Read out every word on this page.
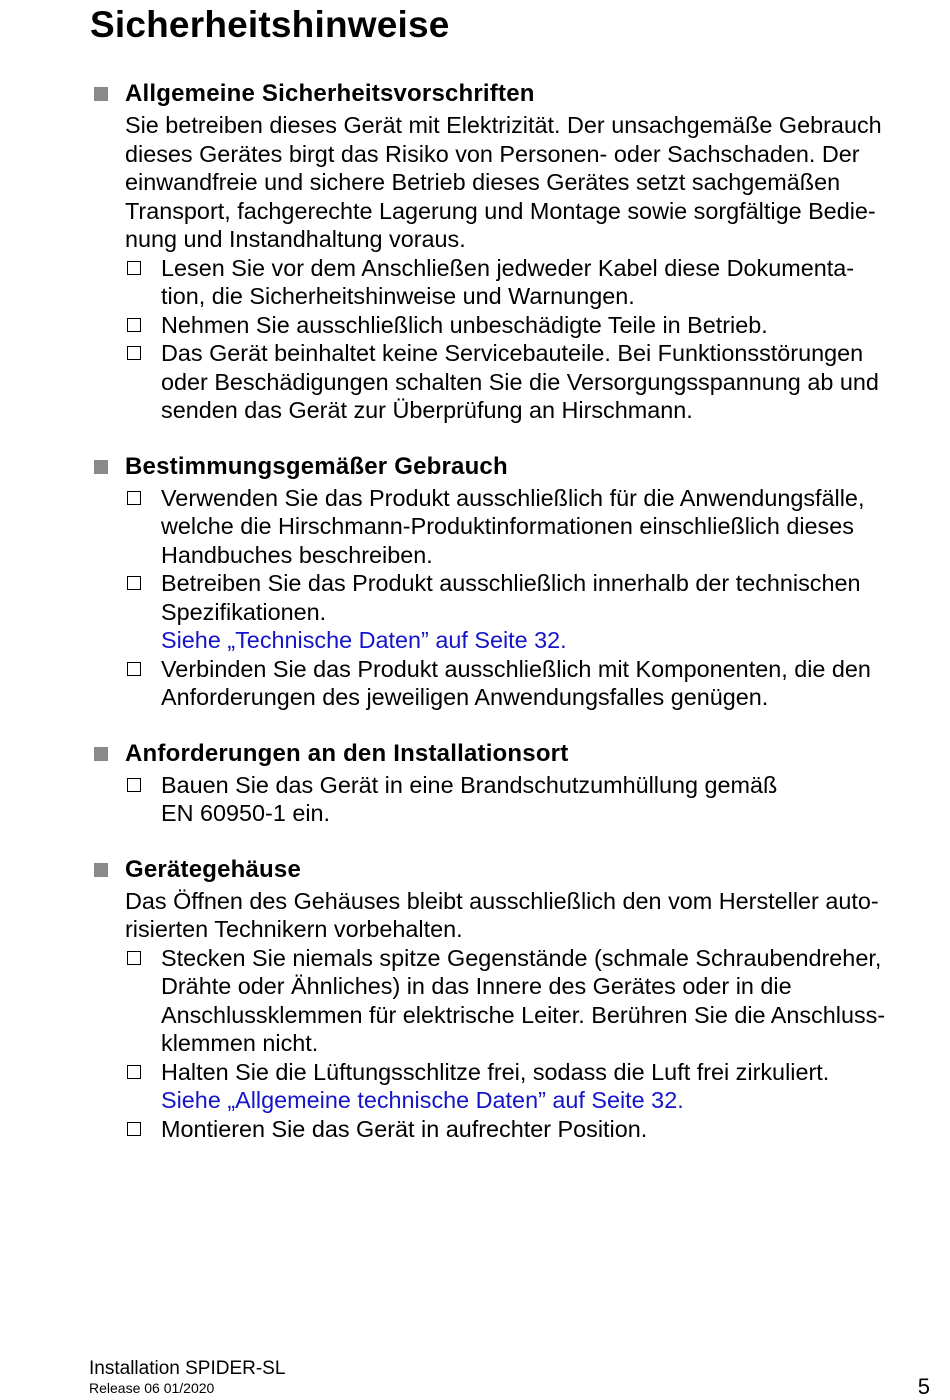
Sicherheitshinweise
Allgemeine Sicherheitsvorschriften
Sie betreiben dieses Gerät mit Elektrizität. Der unsachgemäße Gebrauch
dieses Gerätes birgt das Risiko von Personen- oder Sachschaden. Der
einwandfreie und sichere Betrieb dieses Gerätes setzt sachgemäßen
Transport, fachgerechte Lagerung und Montage sowie sorgfältige Bedie-
nung und Instandhaltung voraus.
Lesen Sie vor dem Anschließen jedweder Kabel diese Dokumenta-
tion, die Sicherheitshinweise und Warnungen.
Nehmen Sie ausschließlich unbeschädigte Teile in Betrieb.
Das Gerät beinhaltet keine Servicebauteile. Bei Funktionsstörungen
oder Beschädigungen schalten Sie die Versorgungsspannung ab und
senden das Gerät zur Überprüfung an Hirschmann.
Bestimmungsgemäßer Gebrauch
Verwenden Sie das Produkt ausschließlich für die Anwendungsfälle,
welche die Hirschmann-Produktinformationen einschließlich dieses
Handbuches beschreiben.
Betreiben Sie das Produkt ausschließlich innerhalb der technischen
Spezifikationen.
Siehe „Technische Daten” auf Seite 32.
Verbinden Sie das Produkt ausschließlich mit Komponenten, die den
Anforderungen des jeweiligen Anwendungsfalles genügen.
Anforderungen an den Installationsort
Bauen Sie das Gerät in eine Brandschutzumhüllung gemäß
EN 60950-1 ein.
Gerätegehäuse
Das Öffnen des Gehäuses bleibt ausschließlich den vom Hersteller auto-
risierten Technikern vorbehalten.
Stecken Sie niemals spitze Gegenstände (schmale Schraubendreher,
Drähte oder Ähnliches) in das Innere des Gerätes oder in die
Anschlussklemmen für elektrische Leiter. Berühren Sie die Anschluss-
klemmen nicht.
Halten Sie die Lüftungsschlitze frei, sodass die Luft frei zirkuliert.
Siehe „Allgemeine technische Daten” auf Seite 32.
Montieren Sie das Gerät in aufrechter Position.
Installation SPIDER-SL
Release 06 01/2020	5
